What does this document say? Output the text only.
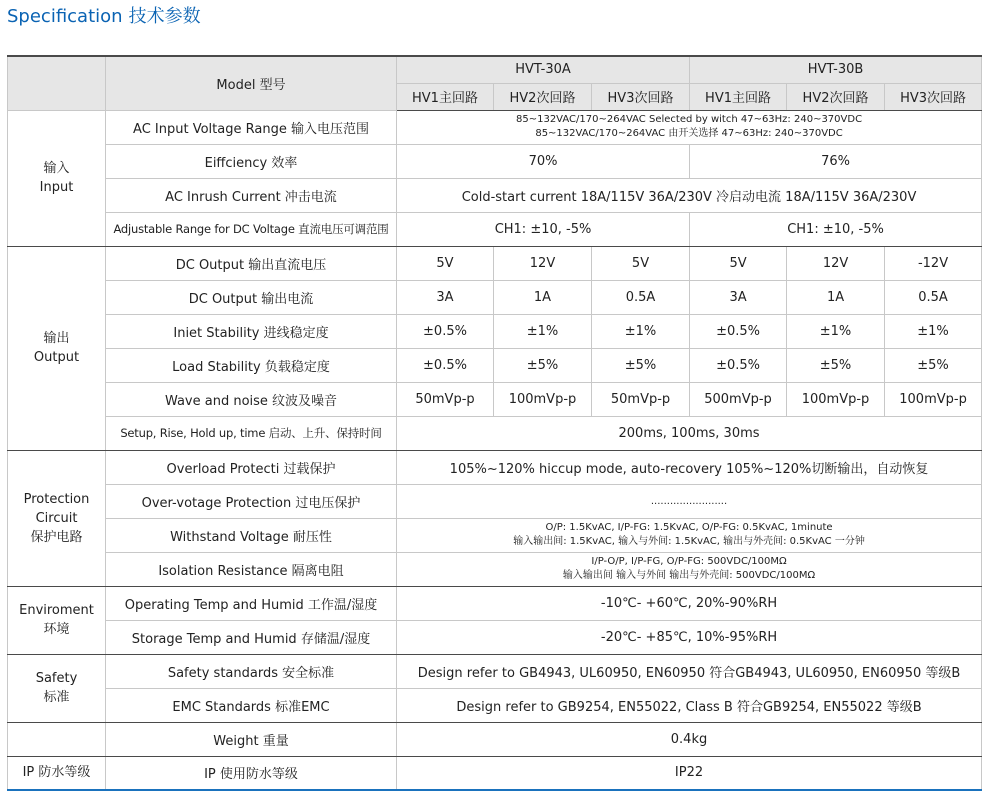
Specification 技术参数
	Model 型号	HVT-30A			HVT-30B		
		HV1主回路	HV2次回路	HV3次回路	HV1主回路	HV2次回路	HV3次回路

输入
Input	AC Input Voltage Range 输入电压范围	85~132VAC/170~264VAC Selected by witch 47~63Hz: 240~370VDC
85~132VAC/170~264VAC 由开关选择 47~63Hz: 240~370VDC					

	Eiffciency 效率	70%			76%		
	AC Inrush Current 冲击电流	Cold-start current 18A/115V 36A/230V 冷启动电流 18A/115V 36A/230V					
	Adjustable Range for DC Voltage 直流电压可调范围	CH1: ±10, -5%			CH1: ±10, -5%		

输出
Output	DC Output 输出直流电压	5V	12V	5V	5V	12V	-12V
	DC Output 输出电流	3A	1A	0.5A	3A	1A	0.5A
	Iniet Stability 进线稳定度	±0.5%	±1%	±1%	±0.5%	±1%	±1%
	Load Stability 负载稳定度	±0.5%	±5%	±5%	±0.5%	±5%	±5%
	Wave and noise 纹波及噪音	50mVp-p	100mVp-p	50mVp-p	500mVp-p	100mVp-p	100mVp-p
	Setup, Rise, Hold up, time 启动、上升、保持时间	200ms, 100ms, 30ms					

Protection
Circuit
保护电路	Overload Protecti 过载保护	105%~120% hiccup mode, auto-recovery 105%~120%切断输出，自动恢复					
	Over-votage Protection 过电压保护	........................					
	Withstand Voltage 耐压性	O/P: 1.5KvAC, I/P-FG: 1.5KvAC, O/P-FG: 0.5KvAC, 1minute
输入输出间: 1.5KvAC, 输入与外间: 1.5KvAC, 输出与外壳间: 0.5KvAC 一分钟					

	Isolation Resistance 隔离电阻	I/P-O/P, I/P-FG, O/P-FG: 500VDC/100MΩ
输入输出间 输入与外间 输出与外壳间: 500VDC/100MΩ					

Enviroment
环境	Operating Temp and Humid 工作温/湿度	-10℃- +60℃, 20%-90%RH					
	Storage Temp and Humid 存储温/湿度	-20℃- +85℃, 10%-95%RH					

Safety
标准	Safety standards 安全标准	Design refer to GB4943, UL60950, EN60950 符合GB4943, UL60950, EN60950 等级B					
	EMC Standards 标准EMC	Design refer to GB9254, EN55022, Class B 符合GB9254, EN55022 等级B					
	Weight 重量	0.4kg					
IP 防水等级	IP 使用防水等级	IP22					
